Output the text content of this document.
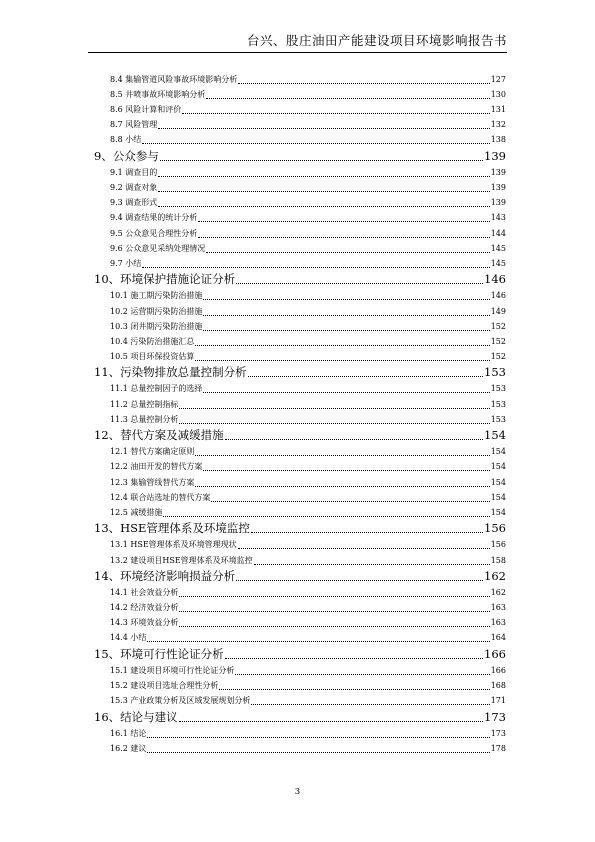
台兴、股庄油田产能建设项目环境影响报告书
8.4 集输管道风险事故环境影响分析	127
8.5 井喷事故环境影响分析	130
8.6 风险计算和评价	131
8.7 风险管理	132
8.8 小结	138
9、公众参与	139
9.1 调查目的	139
9.2 调查对象	139
9.3 调查形式	139
9.4 调查结果的统计分析	143
9.5 公众意见合理性分析	144
9.6 公众意见采纳处理情况	145
9.7 小结	145
10、环境保护措施论证分析	146
10.1 施工期污染防治措施	146
10.2 运营期污染防治措施	149
10.3 闭井期污染防治措施	152
10.4 污染防治措施汇总	152
10.5 项目环保投资估算	152
11、污染物排放总量控制分析	153
11.1 总量控制因子的选择	153
11.2 总量控制指标	153
11.3 总量控制分析	153
12、替代方案及减缓措施	154
12.1 替代方案确定原则	154
12.2 油田开发的替代方案	154
12.3 集输管线替代方案	154
12.4 联合站选址的替代方案	154
12.5 减缓措施	154
13、HSE管理体系及环境监控	156
13.1 HSE管理体系及环境管理现状	156
13.2 建设项目HSE管理体系及环境监控	158
14、环境经济影响损益分析	162
14.1 社会效益分析	162
14.2 经济效益分析	163
14.3 环境效益分析	163
14.4 小结	164
15、环境可行性论证分析	166
15.1 建设项目环境可行性论证分析	166
15.2 建设项目选址合理性分析	168
15.3 产业政策分析及区域发展规划分析	171
16、结论与建议	173
16.1 结论	173
16.2 建议	178
3
